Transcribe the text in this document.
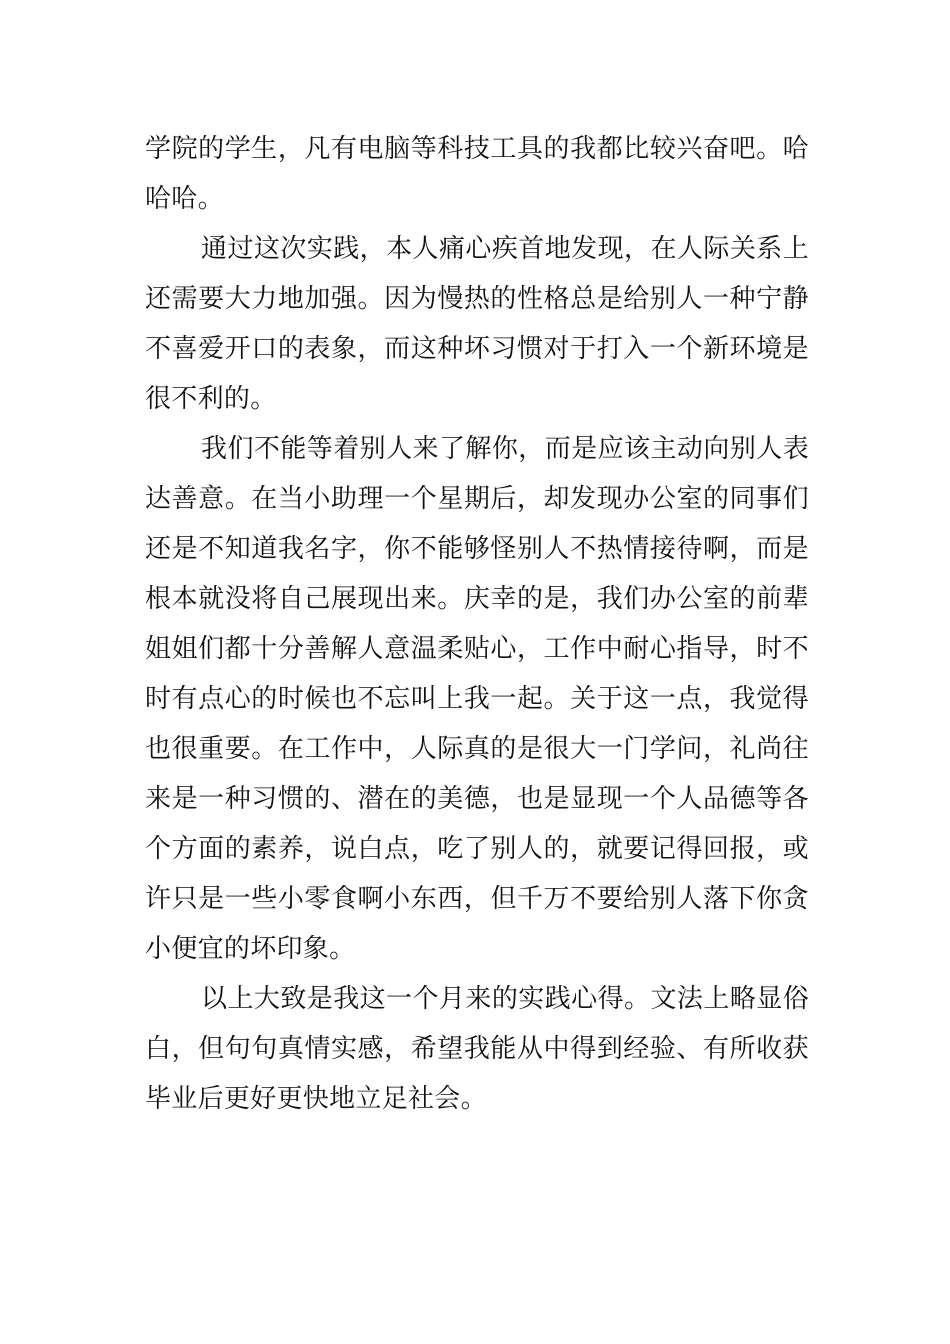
学院的学生，凡有电脑等科技工具的我都比较兴奋吧。哈哈哈。

通过这次实践，本人痛心疾首地发现，在人际关系上还需要大力地加强。因为慢热的性格总是给别人一种宁静不喜爱开口的表象，而这种坏习惯对于打入一个新环境是很不利的。

我们不能等着别人来了解你，而是应该主动向别人表达善意。在当小助理一个星期后，却发现办公室的同事们还是不知道我名字，你不能够怪别人不热情接待啊，而是根本就没将自己展现出来。庆幸的是，我们办公室的前辈姐姐们都十分善解人意温柔贴心，工作中耐心指导，时不时有点心的时候也不忘叫上我一起。关于这一点，我觉得也很重要。在工作中，人际真的是很大一门学问，礼尚往来是一种习惯的、潜在的美德，也是显现一个人品德等各个方面的素养，说白点，吃了别人的，就要记得回报，或许只是一些小零食啊小东西，但千万不要给别人落下你贪小便宜的坏印象。

以上大致是我这一个月来的实践心得。文法上略显俗白，但句句真情实感，希望我能从中得到经验、有所收获毕业后更好更快地立足社会。
